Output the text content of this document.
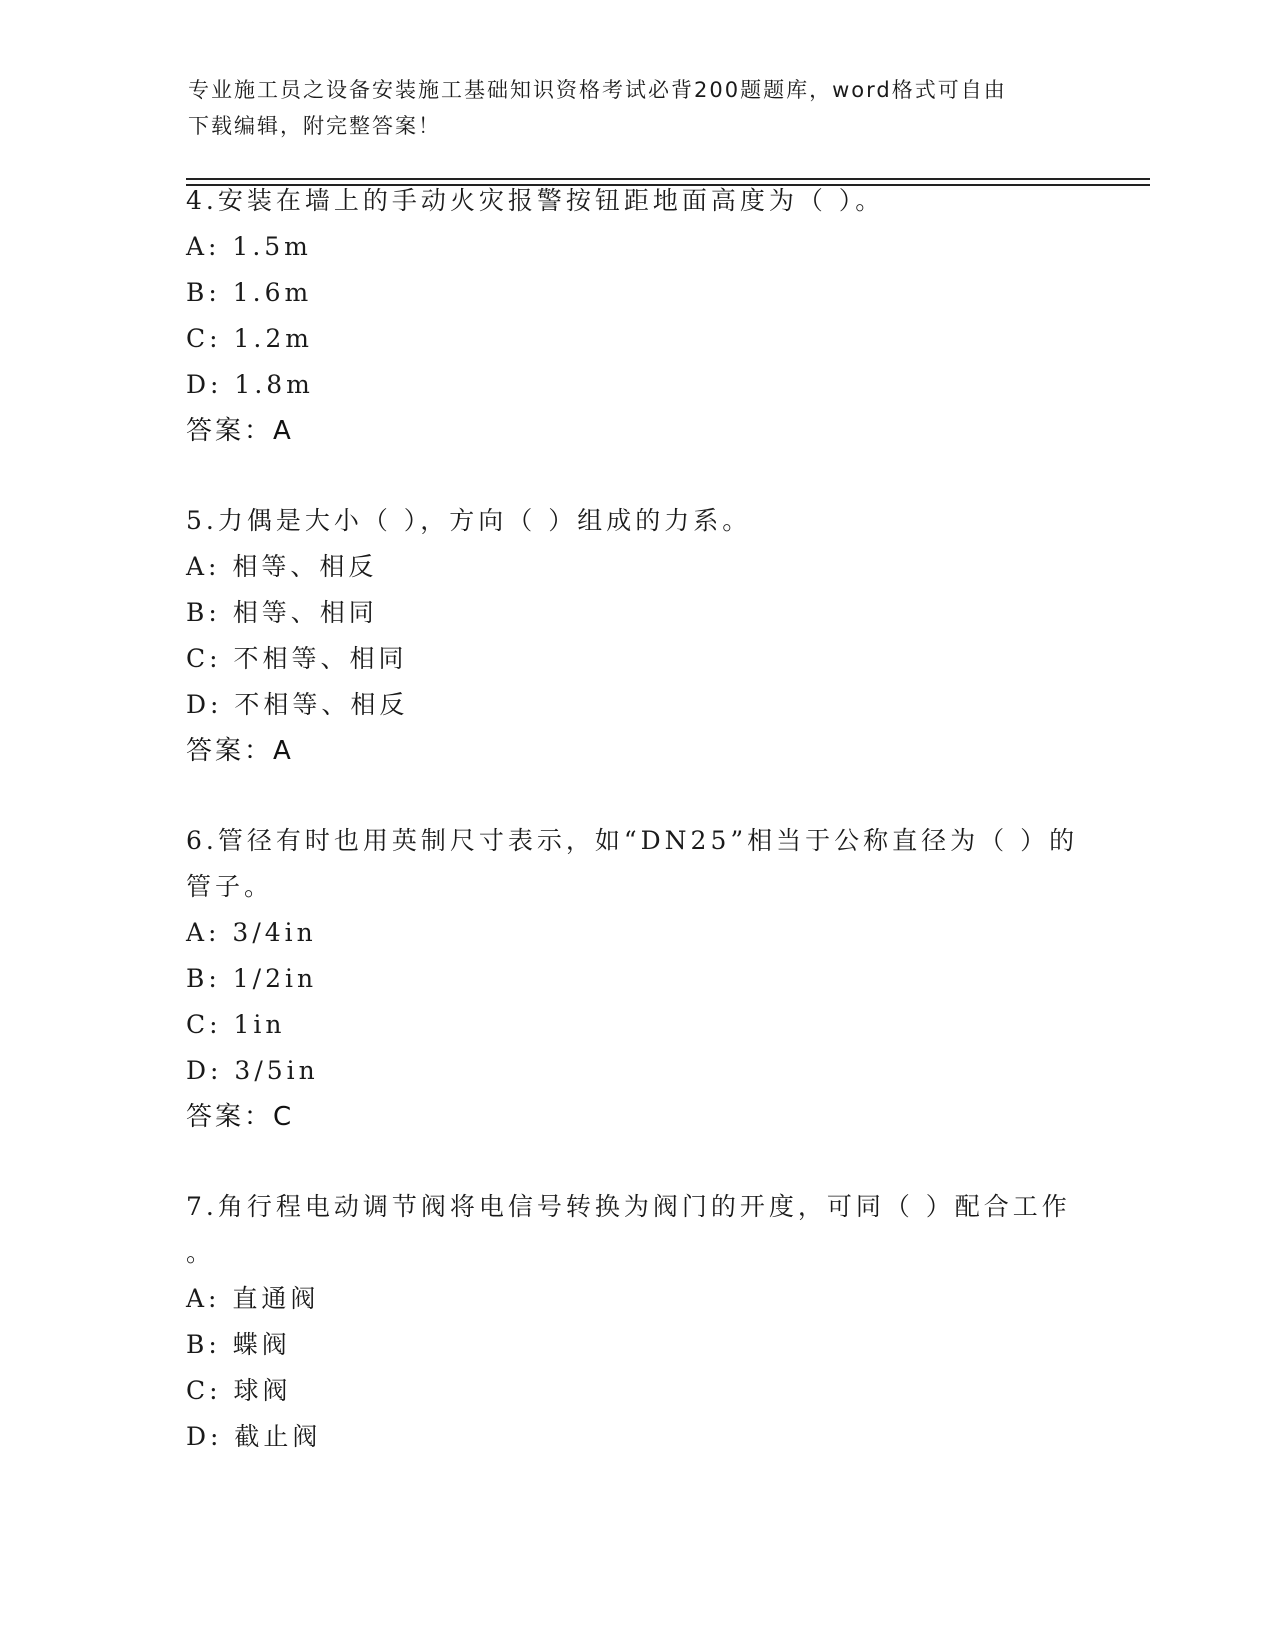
专业施工员之设备安装施工基础知识资格考试必背200题题库，word格式可自由
下载编辑，附完整答案！
4.安装在墙上的手动火灾报警按钮距地面高度为（ ）。
A: 1.5m
B: 1.6m
C: 1.2m
D: 1.8m
答案：A
5.力偶是大小（ ），方向（ ）组成的力系。
A: 相等、相反
B: 相等、相同
C: 不相等、相同
D: 不相等、相反
答案：A
6.管径有时也用英制尺寸表示，如“DN25”相当于公称直径为（ ）的
管子。
A: 3/4in
B: 1/2in
C: 1in
D: 3/5in
答案：C
7.角行程电动调节阀将电信号转换为阀门的开度，可同（ ）配合工作
。
A: 直通阀
B: 蝶阀
C: 球阀
D: 截止阀
